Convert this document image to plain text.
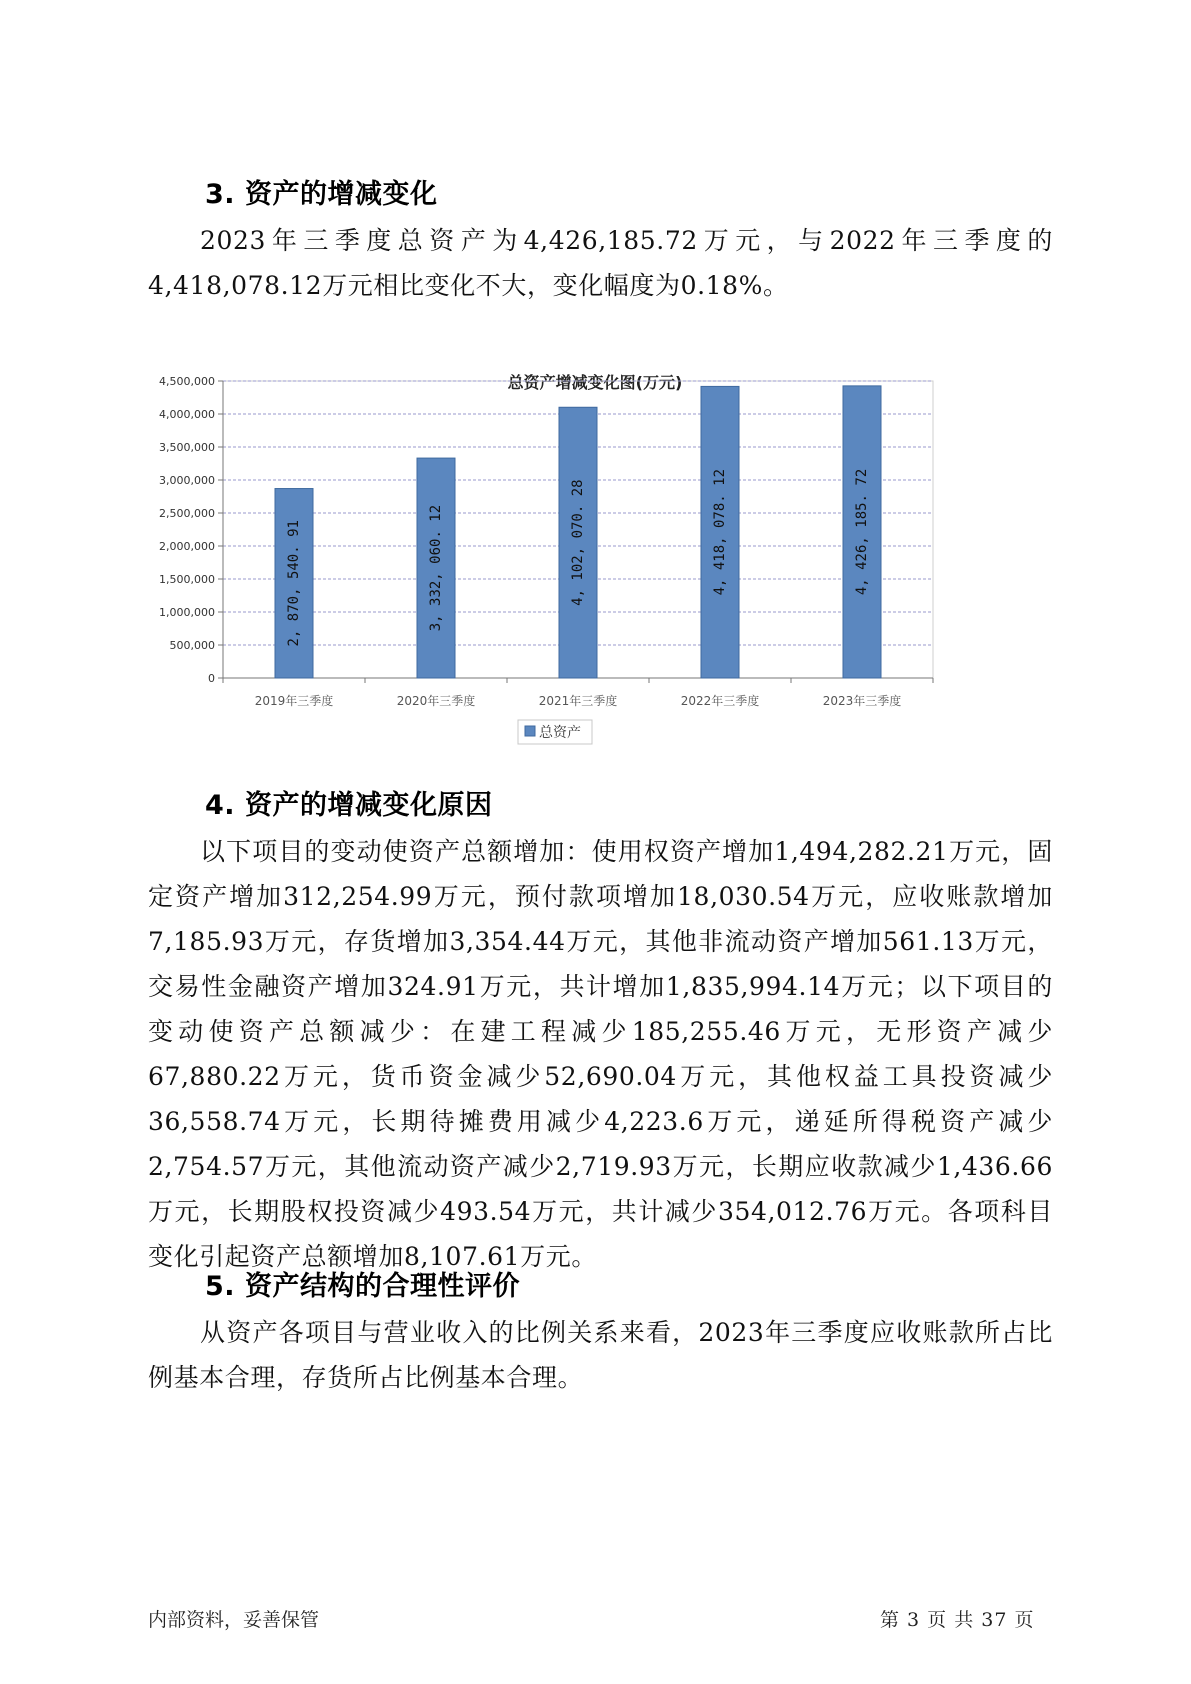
3. 资产的增减变化

2023年三季度总资产为4,426,185.72万元，与2022年三季度的4,418,078.12万元相比变化不大，变化幅度为0.18%。

总资产增减变化图(万元)
0
500,000
1,000,000
1,500,000
2,000,000
2,500,000
3,000,000
3,500,000
4,000,000
4,500,000
2019年三季度
2, 870, 540. 91
2020年三季度
3, 332, 060. 12
2021年三季度
4, 102, 070. 28
2022年三季度
4, 418, 078. 12
2023年三季度
4, 426, 185. 72
总资产
4. 资产的增减变化原因

以下项目的变动使资产总额增加：使用权资产增加1,494,282.21万元，固定资产增加312,254.99万元，预付款项增加18,030.54万元，应收账款增加7,185.93万元，存货增加3,354.44万元，其他非流动资产增加561.13万元，交易性金融资产增加324.91万元，共计增加1,835,994.14万元；以下项目的变动使资产总额减少：在建工程减少185,255.46万元，无形资产减少67,880.22万元，货币资金减少52,690.04万元，其他权益工具投资减少36,558.74万元，长期待摊费用减少4,223.6万元，递延所得税资产减少2,754.57万元，其他流动资产减少2,719.93万元，长期应收款减少1,436.66万元，长期股权投资减少493.54万元，共计减少354,012.76万元。各项科目变化引起资产总额增加8,107.61万元。

5. 资产结构的合理性评价

从资产各项目与营业收入的比例关系来看，2023年三季度应收账款所占比例基本合理，存货所占比例基本合理。

内部资料，妥善保管	第 3 页 共 37 页
